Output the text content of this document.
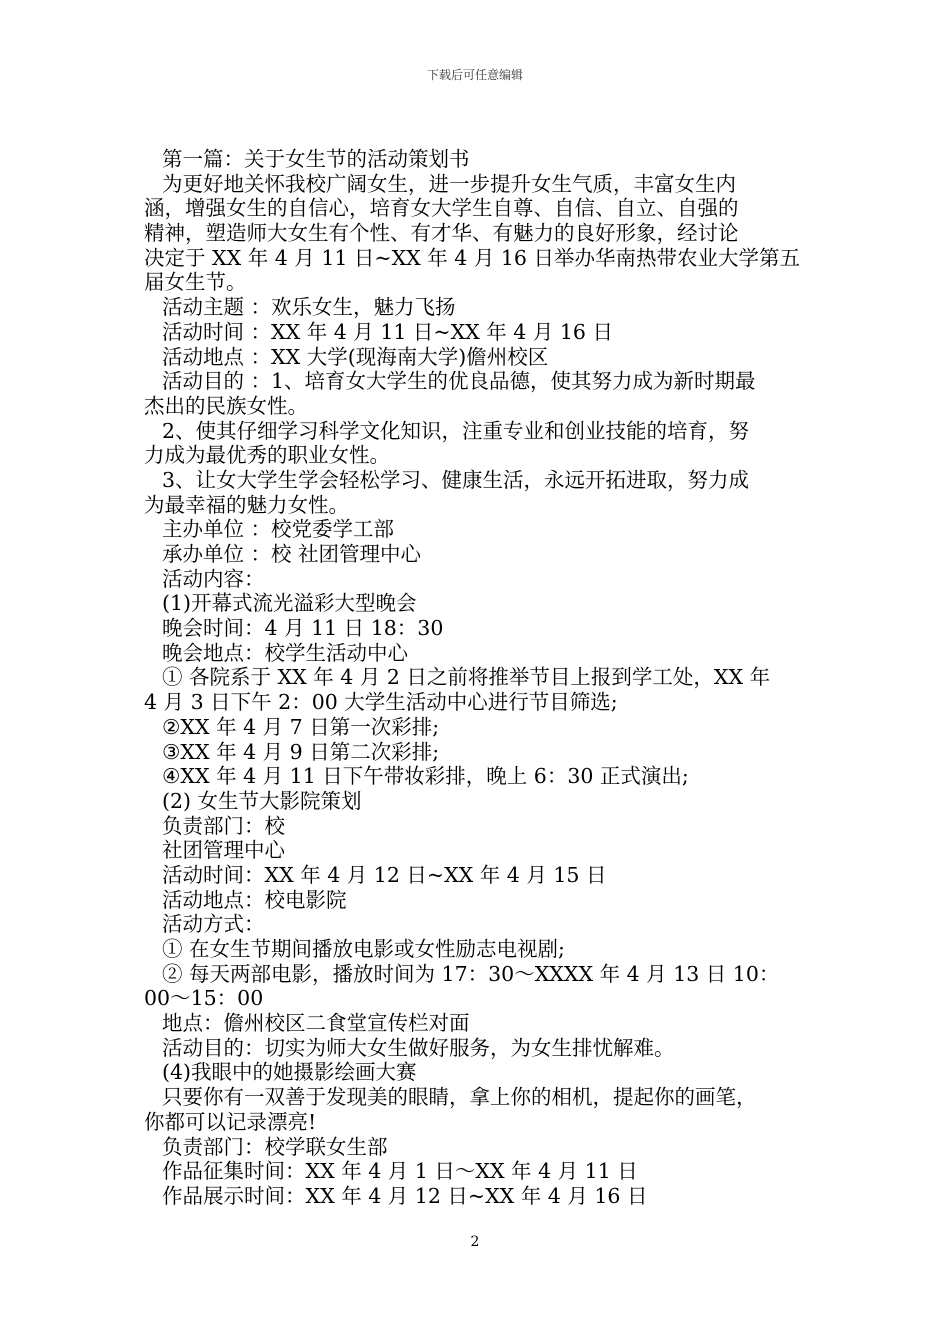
下载后可任意编辑
第一篇：关于女生节的活动策划书
为更好地关怀我校广阔女生，进一步提升女生气质，丰富女生内
涵，增强女生的自信心，培育女大学生自尊、自信、自立、自强的
精神，塑造师大女生有个性、有才华、有魅力的良好形象，经讨论
决定于 XX 年 4 月 11 日~XX 年 4 月 16 日举办华南热带农业大学第五
届女生节。
活动主题 ：欢乐女生，魅力飞扬
活动时间 ：XX 年 4 月 11 日~XX 年 4 月 16 日
活动地点 ：XX 大学(现海南大学)儋州校区
活动目的 ：1、培育女大学生的优良品德，使其努力成为新时期最
杰出的民族女性。
2、使其仔细学习科学文化知识，注重专业和创业技能的培育，努
力成为最优秀的职业女性。
3、让女大学生学会轻松学习、健康生活，永远开拓进取，努力成
为最幸福的魅力女性。
主办单位 ：校党委学工部
承办单位 ：校 社团管理中心
活动内容：
(1)开幕式流光溢彩大型晚会
晚会时间：4 月 11 日 18：30
晚会地点：校学生活动中心
① 各院系于 XX 年 4 月 2 日之前将推举节目上报到学工处，XX 年
4 月 3 日下午 2：00 大学生活动中心进行节目筛选;
②XX 年 4 月 7 日第一次彩排;
③XX 年 4 月 9 日第二次彩排;
④XX 年 4 月 11 日下午带妆彩排，晚上 6：30 正式演出;
(2) 女生节大影院策划
负责部门：校
社团管理中心
活动时间：XX 年 4 月 12 日~XX 年 4 月 15 日
活动地点：校电影院
活动方式：
① 在女生节期间播放电影或女性励志电视剧;
② 每天两部电影，播放时间为 17：30～XXXX 年 4 月 13 日 10：
00～15：00
地点：儋州校区二食堂宣传栏对面
活动目的：切实为师大女生做好服务，为女生排忧解难。
(4)我眼中的她摄影绘画大赛
只要你有一双善于发现美的眼睛，拿上你的相机，提起你的画笔，
你都可以记录漂亮!
负责部门：校学联女生部
作品征集时间：XX 年 4 月 1 日～XX 年 4 月 11 日
作品展示时间：XX 年 4 月 12 日~XX 年 4 月 16 日
2
